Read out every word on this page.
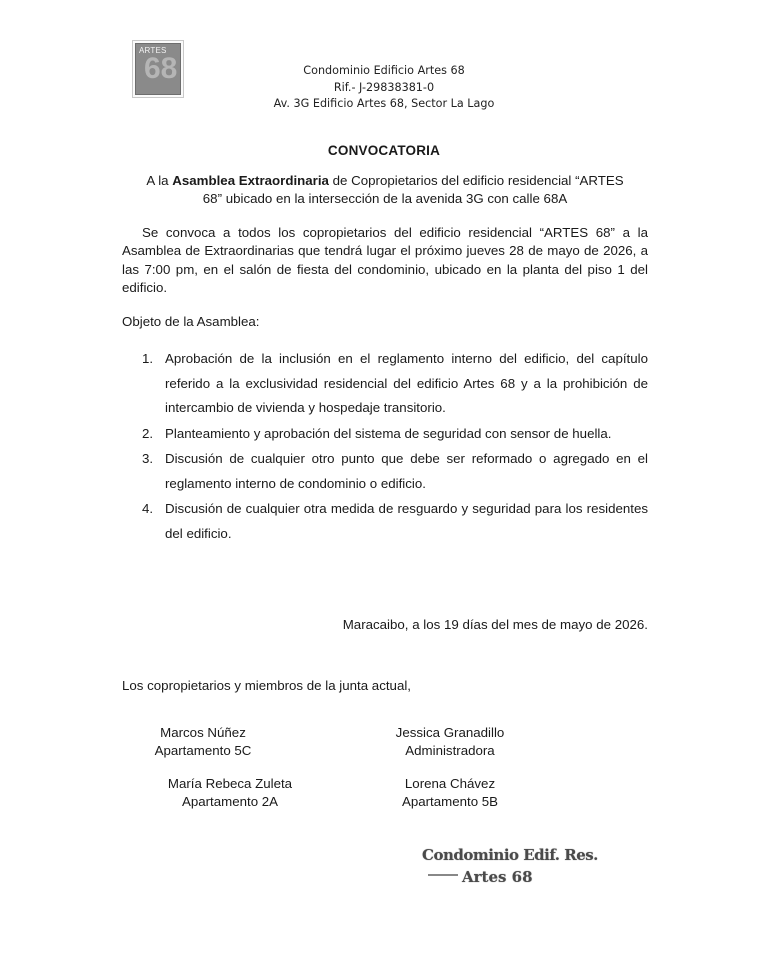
ARTES
68	Condominio Edificio Artes 68
Rif.- J-29838381-0
Av. 3G Edificio Artes 68, Sector La Lago
CONVOCATORIA
A la Asamblea Extraordinaria de Copropietarios del edificio residencial “ARTES 68” ubicado en la intersección de la avenida 3G con calle 68A
Se convoca a todos los copropietarios del edificio residencial “ARTES 68” a la Asamblea de Extraordinarias que tendrá lugar el próximo jueves 28 de mayo de 2026, a las 7:00 pm, en el salón de fiesta del condominio, ubicado en la planta del piso 1 del edificio.
Objeto de la Asamblea:
1. Aprobación de la inclusión en el reglamento interno del edificio, del capítulo referido a la exclusividad residencial del edificio Artes 68 y a la prohibición de intercambio de vivienda y hospedaje transitorio.
2. Planteamiento y aprobación del sistema de seguridad con sensor de huella.
3. Discusión de cualquier otro punto que debe ser reformado o agregado en el reglamento interno de condominio o edificio.
4. Discusión de cualquier otra medida de resguardo y seguridad para los residentes del edificio.
Maracaibo, a los 19 días del mes de mayo de 2026.
Los copropietarios y miembros de la junta actual,
Marcos Núñez
Apartamento 5C
Jessica Granadillo
Administradora
María Rebeca Zuleta
Apartamento 2A
Lorena Chávez
Apartamento 5B
Condominio Edif. Res.
Artes 68
